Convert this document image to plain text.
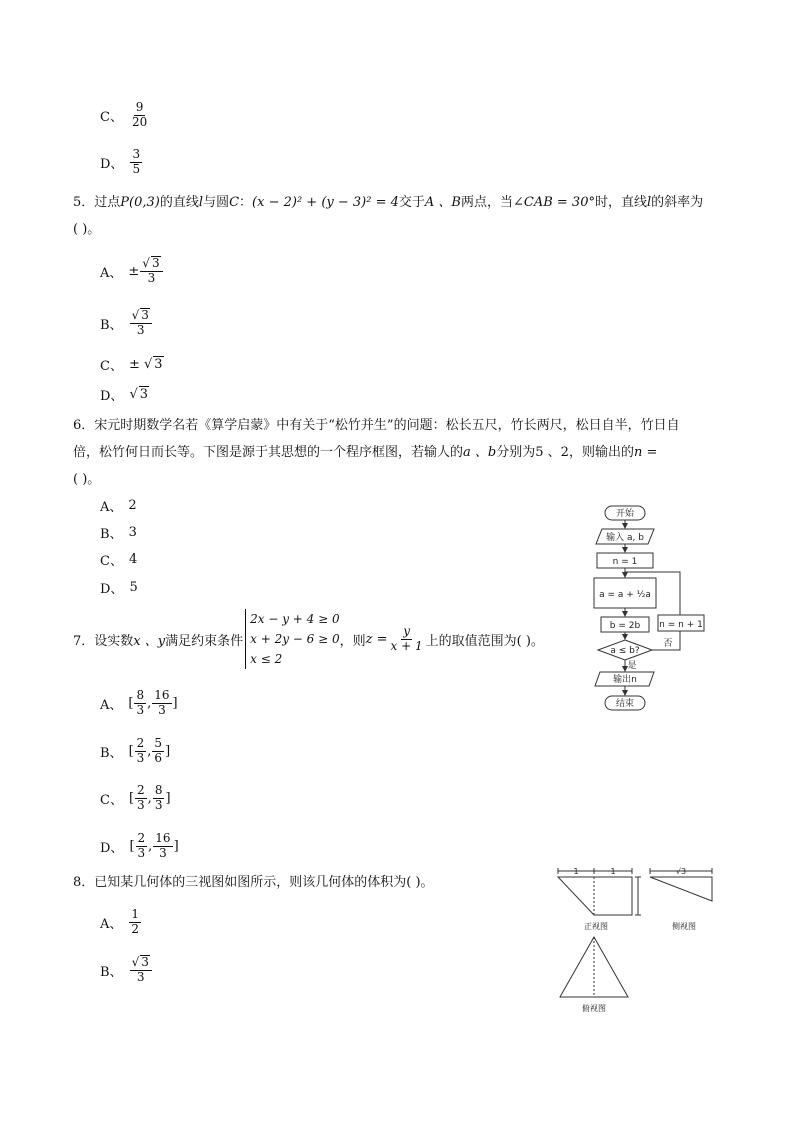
C、 $\frac{9}{20}$
D、 $\frac{3}{5}$
5．过点P(0,3)的直线l与圆C：(x − 2)² + (y − 3)² = 4交于A 、B两点，当∠CAB = 30°时，直线l的斜率为
( )。
A、 ± $\frac{√ 3}{3}$
B、 $\frac{√ 3}{3}$
C、 ± √ 3
D、 √ 3
6．宋元时期数学名若《算学启蒙》中有关于“松竹并生”的问题：松长五尺，竹长两尺，松日自半，竹日自
倍，松竹何日而长等。下图是源于其思想的一个程序框图，若输人的a 、b分别为5 、2，则输出的n =
( )。
A、 2
B、 3
C、 4
D、 5
开始
输入 a, b
n = 1
a = a + ½a
b = 2b
a ≤ b?
是
否
n = n + 1
输出n
结束
7． 设实数 x 、y 满足约束条件
2x − y + 4 ≥ 0
x + 2y − 6 ≥ 0
x ≤ 2
，则 $z = \frac{y}{x + 1}$ 上的取值范围为( )。
A、 [ $\frac{8}{3}$ , $\frac{16}{3}$ ]
B、 [ $\frac{2}{3}$ , $\frac{5}{6}$ ]
C、 [ $\frac{2}{3}$ , $\frac{8}{3}$ ]
D、 [ $\frac{2}{3}$ , $\frac{16}{3}$ ]
8．已知某几何体的三视图如图所示，则该几何体的体积为( )。
A、 $\frac{1}{2}$
B、 $\frac{√ 3}{3}$
1	1	√3
正视图	侧视图
俯视图
